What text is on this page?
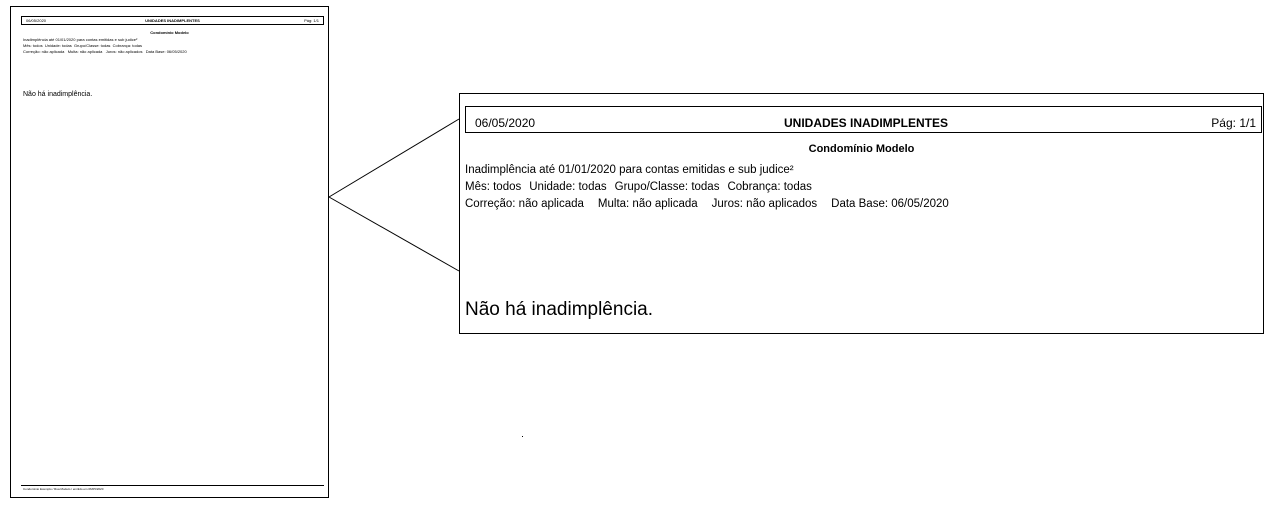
06/05/2020	UNIDADES INADIMPLENTES	Pág: 1/1
Condomínio Modelo
Inadimplência até 01/01/2020 para contas emitidas e sub judice²
Mês: todos Unidade: todas Grupo/Classe: todas Cobrança: todas
Correção: não aplicada Multa: não aplicada Juros: não aplicados Data Base: 06/05/2020
Não há inadimplência.
Condomínio Exemplo / Rua Modelo / emitido em 06/05/2020
06/05/2020	UNIDADES INADIMPLENTES	Pág: 1/1
Condomínio Modelo
Inadimplência até 01/01/2020 para contas emitidas e sub judice²
Mês: todos Unidade: todas Grupo/Classe: todas Cobrança: todas
Correção: não aplicada Multa: não aplicada Juros: não aplicados Data Base: 06/05/2020
Não há inadimplência.
